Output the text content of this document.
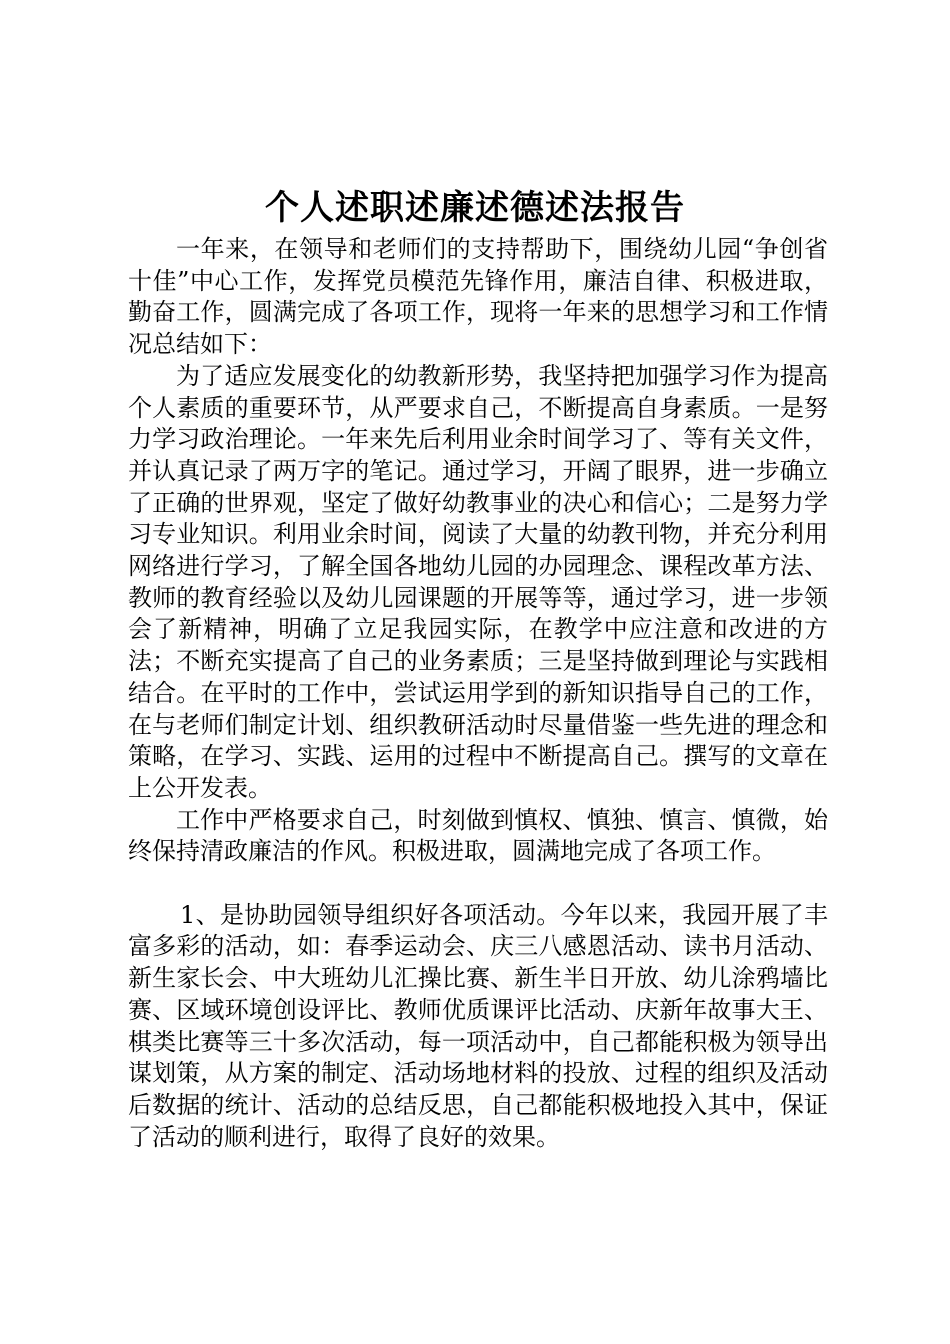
个人述职述廉述德述法报告

一年来，在领导和老师们的支持帮助下，围绕幼儿园“争创省十佳”中心工作，发挥党员模范先锋作用，廉洁自律、积极进取，勤奋工作，圆满完成了各项工作，现将一年来的思想学习和工作情况总结如下：

为了适应发展变化的幼教新形势，我坚持把加强学习作为提高个人素质的重要环节，从严要求自己，不断提高自身素质。一是努力学习政治理论。一年来先后利用业余时间学习了、等有关文件，并认真记录了两万字的笔记。通过学习，开阔了眼界，进一步确立了正确的世界观，坚定了做好幼教事业的决心和信心；二是努力学习专业知识。利用业余时间，阅读了大量的幼教刊物，并充分利用网络进行学习，了解全国各地幼儿园的办园理念、课程改革方法、教师的教育经验以及幼儿园课题的开展等等，通过学习，进一步领会了新精神，明确了立足我园实际，在教学中应注意和改进的方法；不断充实提高了自己的业务素质；三是坚持做到理论与实践相结合。在平时的工作中，尝试运用学到的新知识指导自己的工作，在与老师们制定计划、组织教研活动时尽量借鉴一些先进的理念和策略，在学习、实践、运用的过程中不断提高自己。撰写的文章在上公开发表。

工作中严格要求自己，时刻做到慎权、慎独、慎言、慎微，始终保持清政廉洁的作风。积极进取，圆满地完成了各项工作。

1、是协助园领导组织好各项活动。今年以来，我园开展了丰富多彩的活动，如：春季运动会、庆三八感恩活动、读书月活动、新生家长会、中大班幼儿汇操比赛、新生半日开放、幼儿涂鸦墙比赛、区域环境创设评比、教师优质课评比活动、庆新年故事大王、棋类比赛等三十多次活动，每一项活动中，自己都能积极为领导出谋划策，从方案的制定、活动场地材料的投放、过程的组织及活动后数据的统计、活动的总结反思，自己都能积极地投入其中，保证了活动的顺利进行，取得了良好的效果。
